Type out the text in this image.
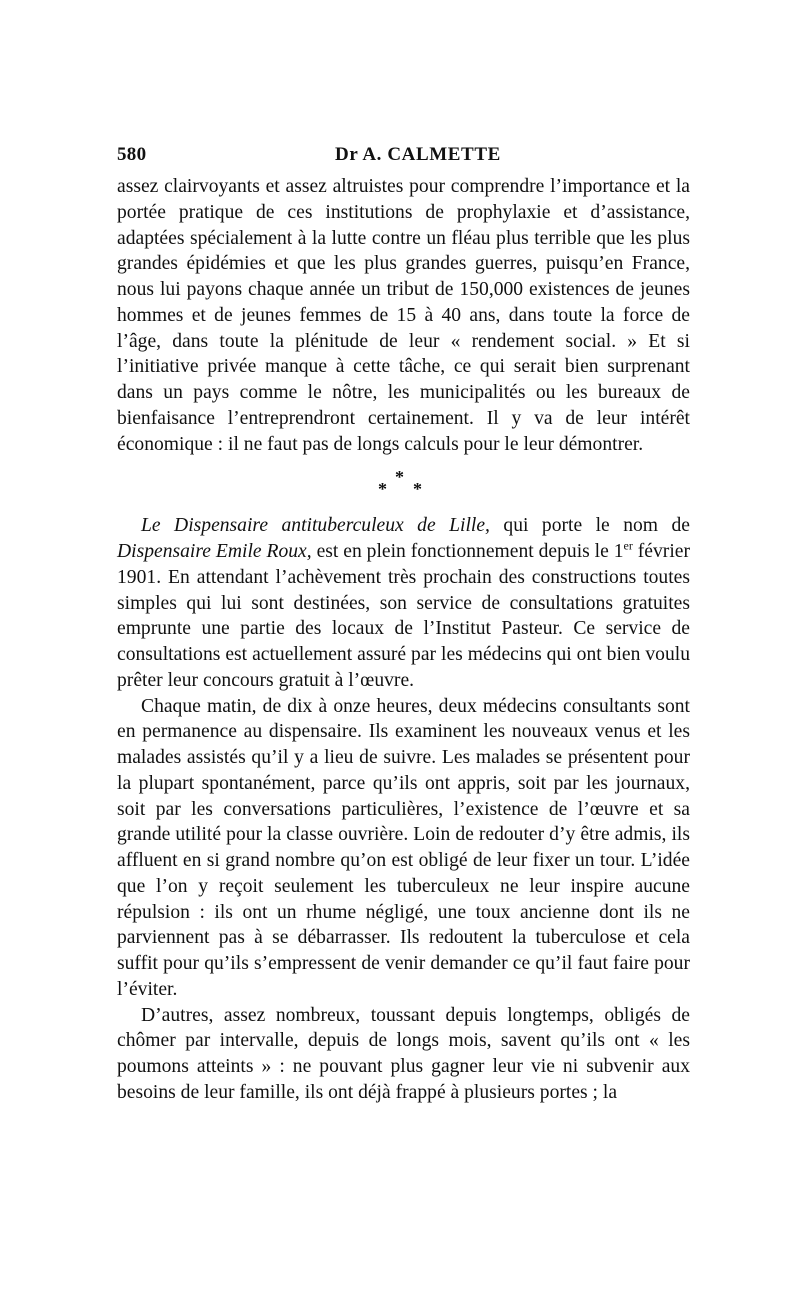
580	Dr A. CALMETTE

assez clairvoyants et assez altruistes pour comprendre l’importance et la portée pratique de ces institutions de prophylaxie et d’assistance, adaptées spécialement à la lutte contre un fléau plus terrible que les plus grandes épidémies et que les plus grandes guerres, puisqu’en France, nous lui payons chaque année un tribut de 150,000 existences de jeunes hommes et de jeunes femmes de 15 à 40 ans, dans toute la force de l’âge, dans toute la plénitude de leur « rendement social. » Et si l’initiative privée manque à cette tâche, ce qui serait bien surprenant dans un pays comme le nôtre, les municipalités ou les bureaux de bienfaisance l’entreprendront certainement. Il y va de leur intérêt économique : il ne faut pas de longs calculs pour le leur démontrer.

*
* *

Le Dispensaire antituberculeux de Lille, qui porte le nom de Dispensaire Emile Roux, est en plein fonctionnement depuis le 1er février 1901. En attendant l’achèvement très prochain des constructions toutes simples qui lui sont destinées, son service de consultations gratuites emprunte une partie des locaux de l’Institut Pasteur. Ce service de consultations est actuellement assuré par les médecins qui ont bien voulu prêter leur concours gratuit à l’œuvre.

Chaque matin, de dix à onze heures, deux médecins consultants sont en permanence au dispensaire. Ils examinent les nouveaux venus et les malades assistés qu’il y a lieu de suivre. Les malades se présentent pour la plupart spontanément, parce qu’ils ont appris, soit par les journaux, soit par les conversations particulières, l’existence de l’œuvre et sa grande utilité pour la classe ouvrière. Loin de redouter d’y être admis, ils affluent en si grand nombre qu’on est obligé de leur fixer un tour. L’idée que l’on y reçoit seulement les tuberculeux ne leur inspire aucune répulsion : ils ont un rhume négligé, une toux ancienne dont ils ne parviennent pas à se débarrasser. Ils redoutent la tuberculose et cela suffit pour qu’ils s’empressent de venir demander ce qu’il faut faire pour l’éviter.

D’autres, assez nombreux, toussant depuis longtemps, obligés de chômer par intervalle, depuis de longs mois, savent qu’ils ont « les poumons atteints » : ne pouvant plus gagner leur vie ni subvenir aux besoins de leur famille, ils ont déjà frappé à plusieurs portes ; la
